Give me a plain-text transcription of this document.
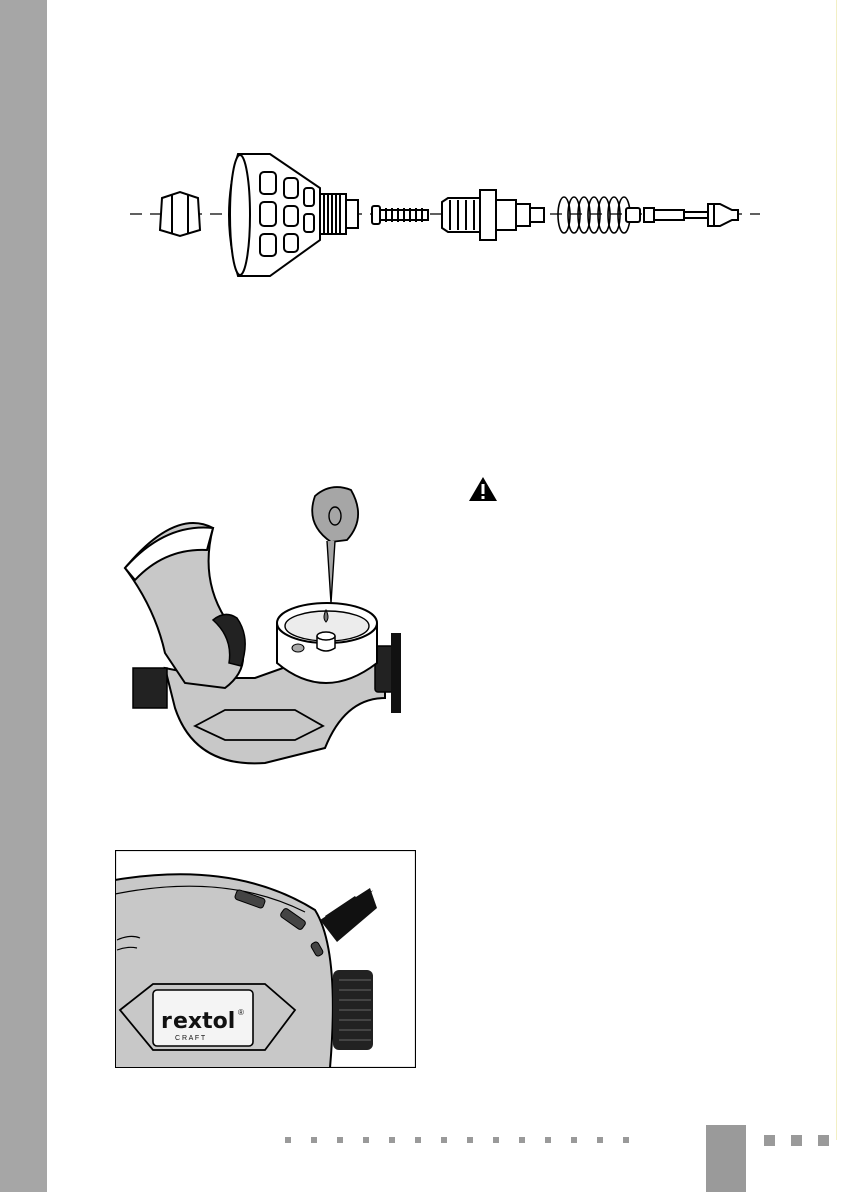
r extol ®
C R A F T
